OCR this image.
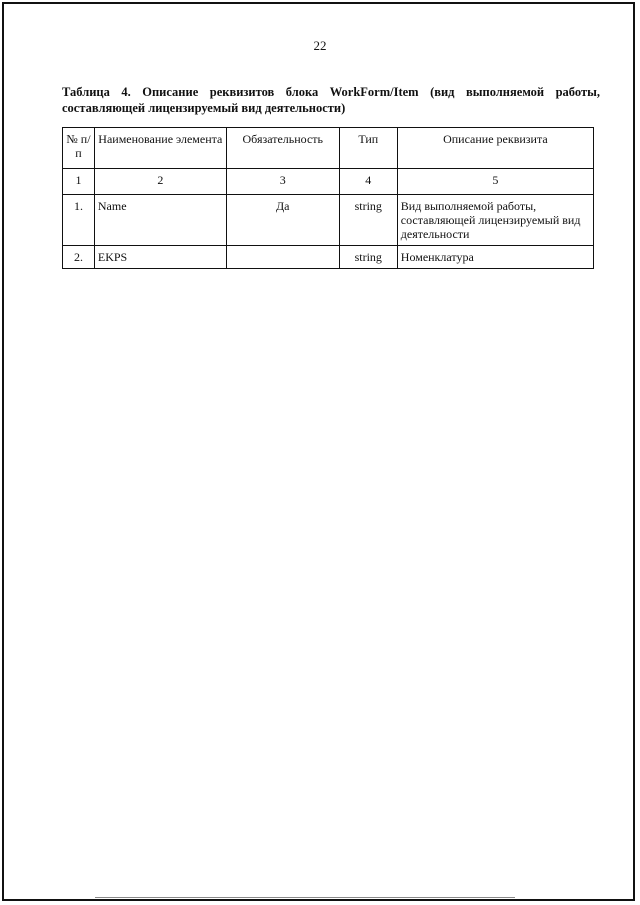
22
Таблица 4. Описание реквизитов блока WorkForm/Item (вид выполняемой работы, составляющей лицензируемый вид деятельности)
№ п/п	Наименование элемента	Обязательность	Тип	Описание реквизита
1	2	3	4	5
1.	Name	Да	string	Вид выполняемой работы, составляющей лицензируемый вид деятельности
2.	EKPS		string	Номенклатура
